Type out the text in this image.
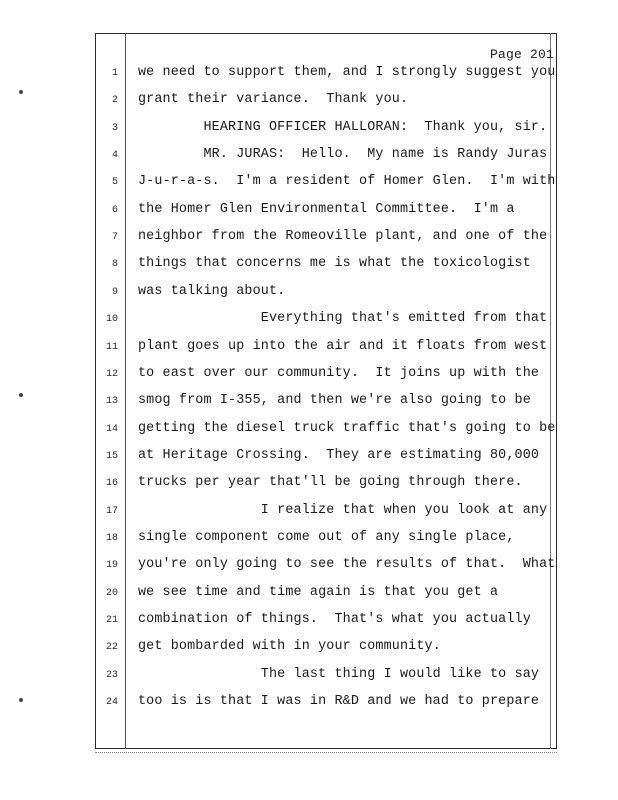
Page 201
1 we need to support them, and I strongly suggest you
2 grant their variance.  Thank you.
3 HEARING OFFICER HALLORAN:  Thank you, sir.
4 MR. JURAS:  Hello.  My name is Randy Juras
5 J-u-r-a-s.  I'm a resident of Homer Glen.  I'm with
6 the Homer Glen Environmental Committee.  I'm a
7 neighbor from the Romeoville plant, and one of the
8 things that concerns me is what the toxicologist
9 was talking about.
10 Everything that's emitted from that
11 plant goes up into the air and it floats from west
12 to east over our community.  It joins up with the
13 smog from I-355, and then we're also going to be
14 getting the diesel truck traffic that's going to be
15 at Heritage Crossing.  They are estimating 80,000
16 trucks per year that'll be going through there.
17 I realize that when you look at any
18 single component come out of any single place,
19 you're only going to see the results of that.  What
20 we see time and time again is that you get a
21 combination of things.  That's what you actually
22 get bombarded with in your community.
23 The last thing I would like to say
24 too is is that I was in R&D and we had to prepare
